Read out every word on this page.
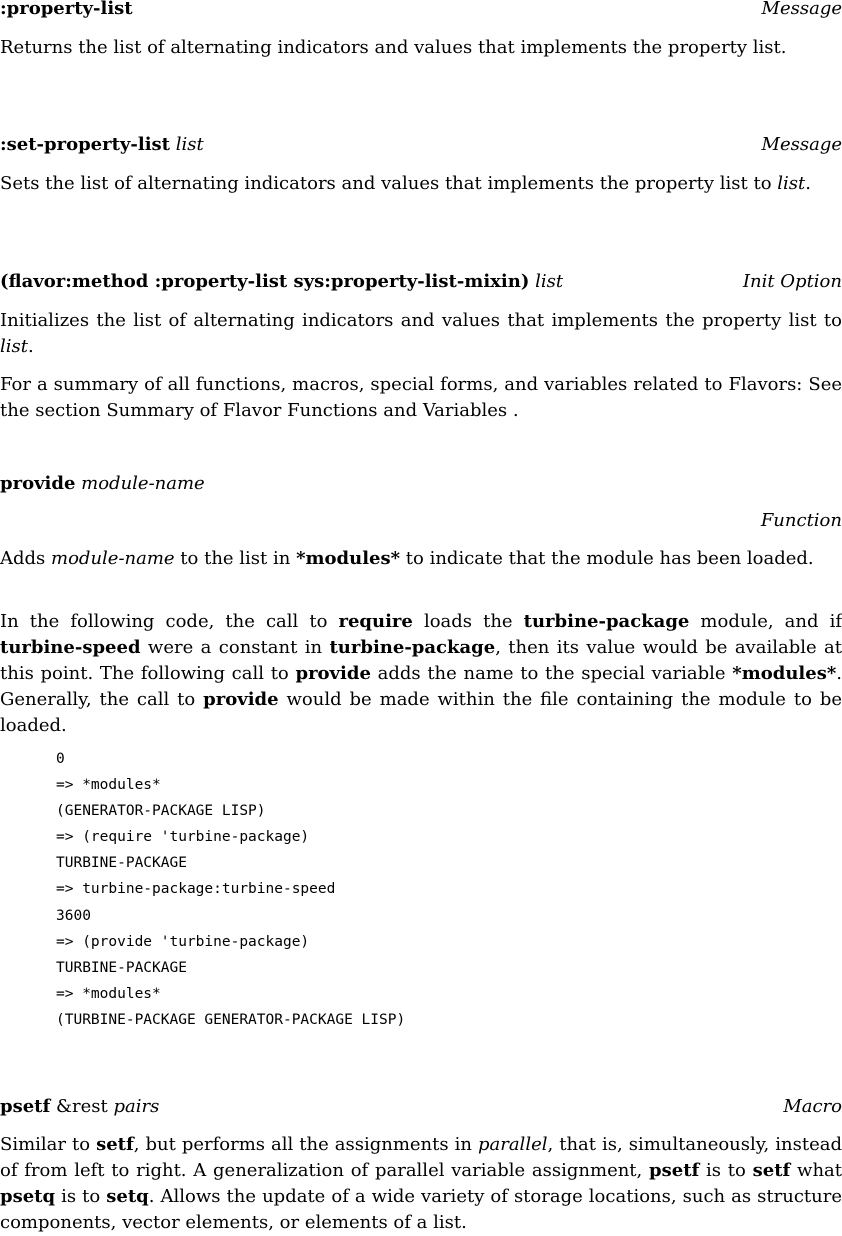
:property-list	Message

Returns the list of alternating indicators and values that implements the property list.

:set-property-list list	Message

Sets the list of alternating indicators and values that implements the property list to list.

(flavor:method :property-list sys:property-list-mixin) list	Init Option

Initializes the list of alternating indicators and values that implements the property list to list.

For a summary of all functions, macros, special forms, and variables related to Flavors: See the section Summary of Flavor Functions and Variables .

provide module-name
Function

Adds module-name to the list in *modules* to indicate that the module has been loaded.

In the following code, the call to require loads the turbine-package module, and if turbine-speed were a constant in turbine-package, then its value would be available at this point. The following call to provide adds the name to the special variable *modules*. Generally, the call to provide would be made within the file containing the module to be loaded.

0
=> *modules*
(GENERATOR-PACKAGE LISP)
=> (require 'turbine-package)
TURBINE-PACKAGE
=> turbine-package:turbine-speed
3600
=> (provide 'turbine-package)
TURBINE-PACKAGE
=> *modules*
(TURBINE-PACKAGE GENERATOR-PACKAGE LISP)
psetf &rest pairs	Macro

Similar to setf, but performs all the assignments in parallel, that is, simultaneously, instead of from left to right. A generalization of parallel variable assignment, psetf is to setf what psetq is to setq. Allows the update of a wide variety of storage locations, such as structure components, vector elements, or elements of a list.
